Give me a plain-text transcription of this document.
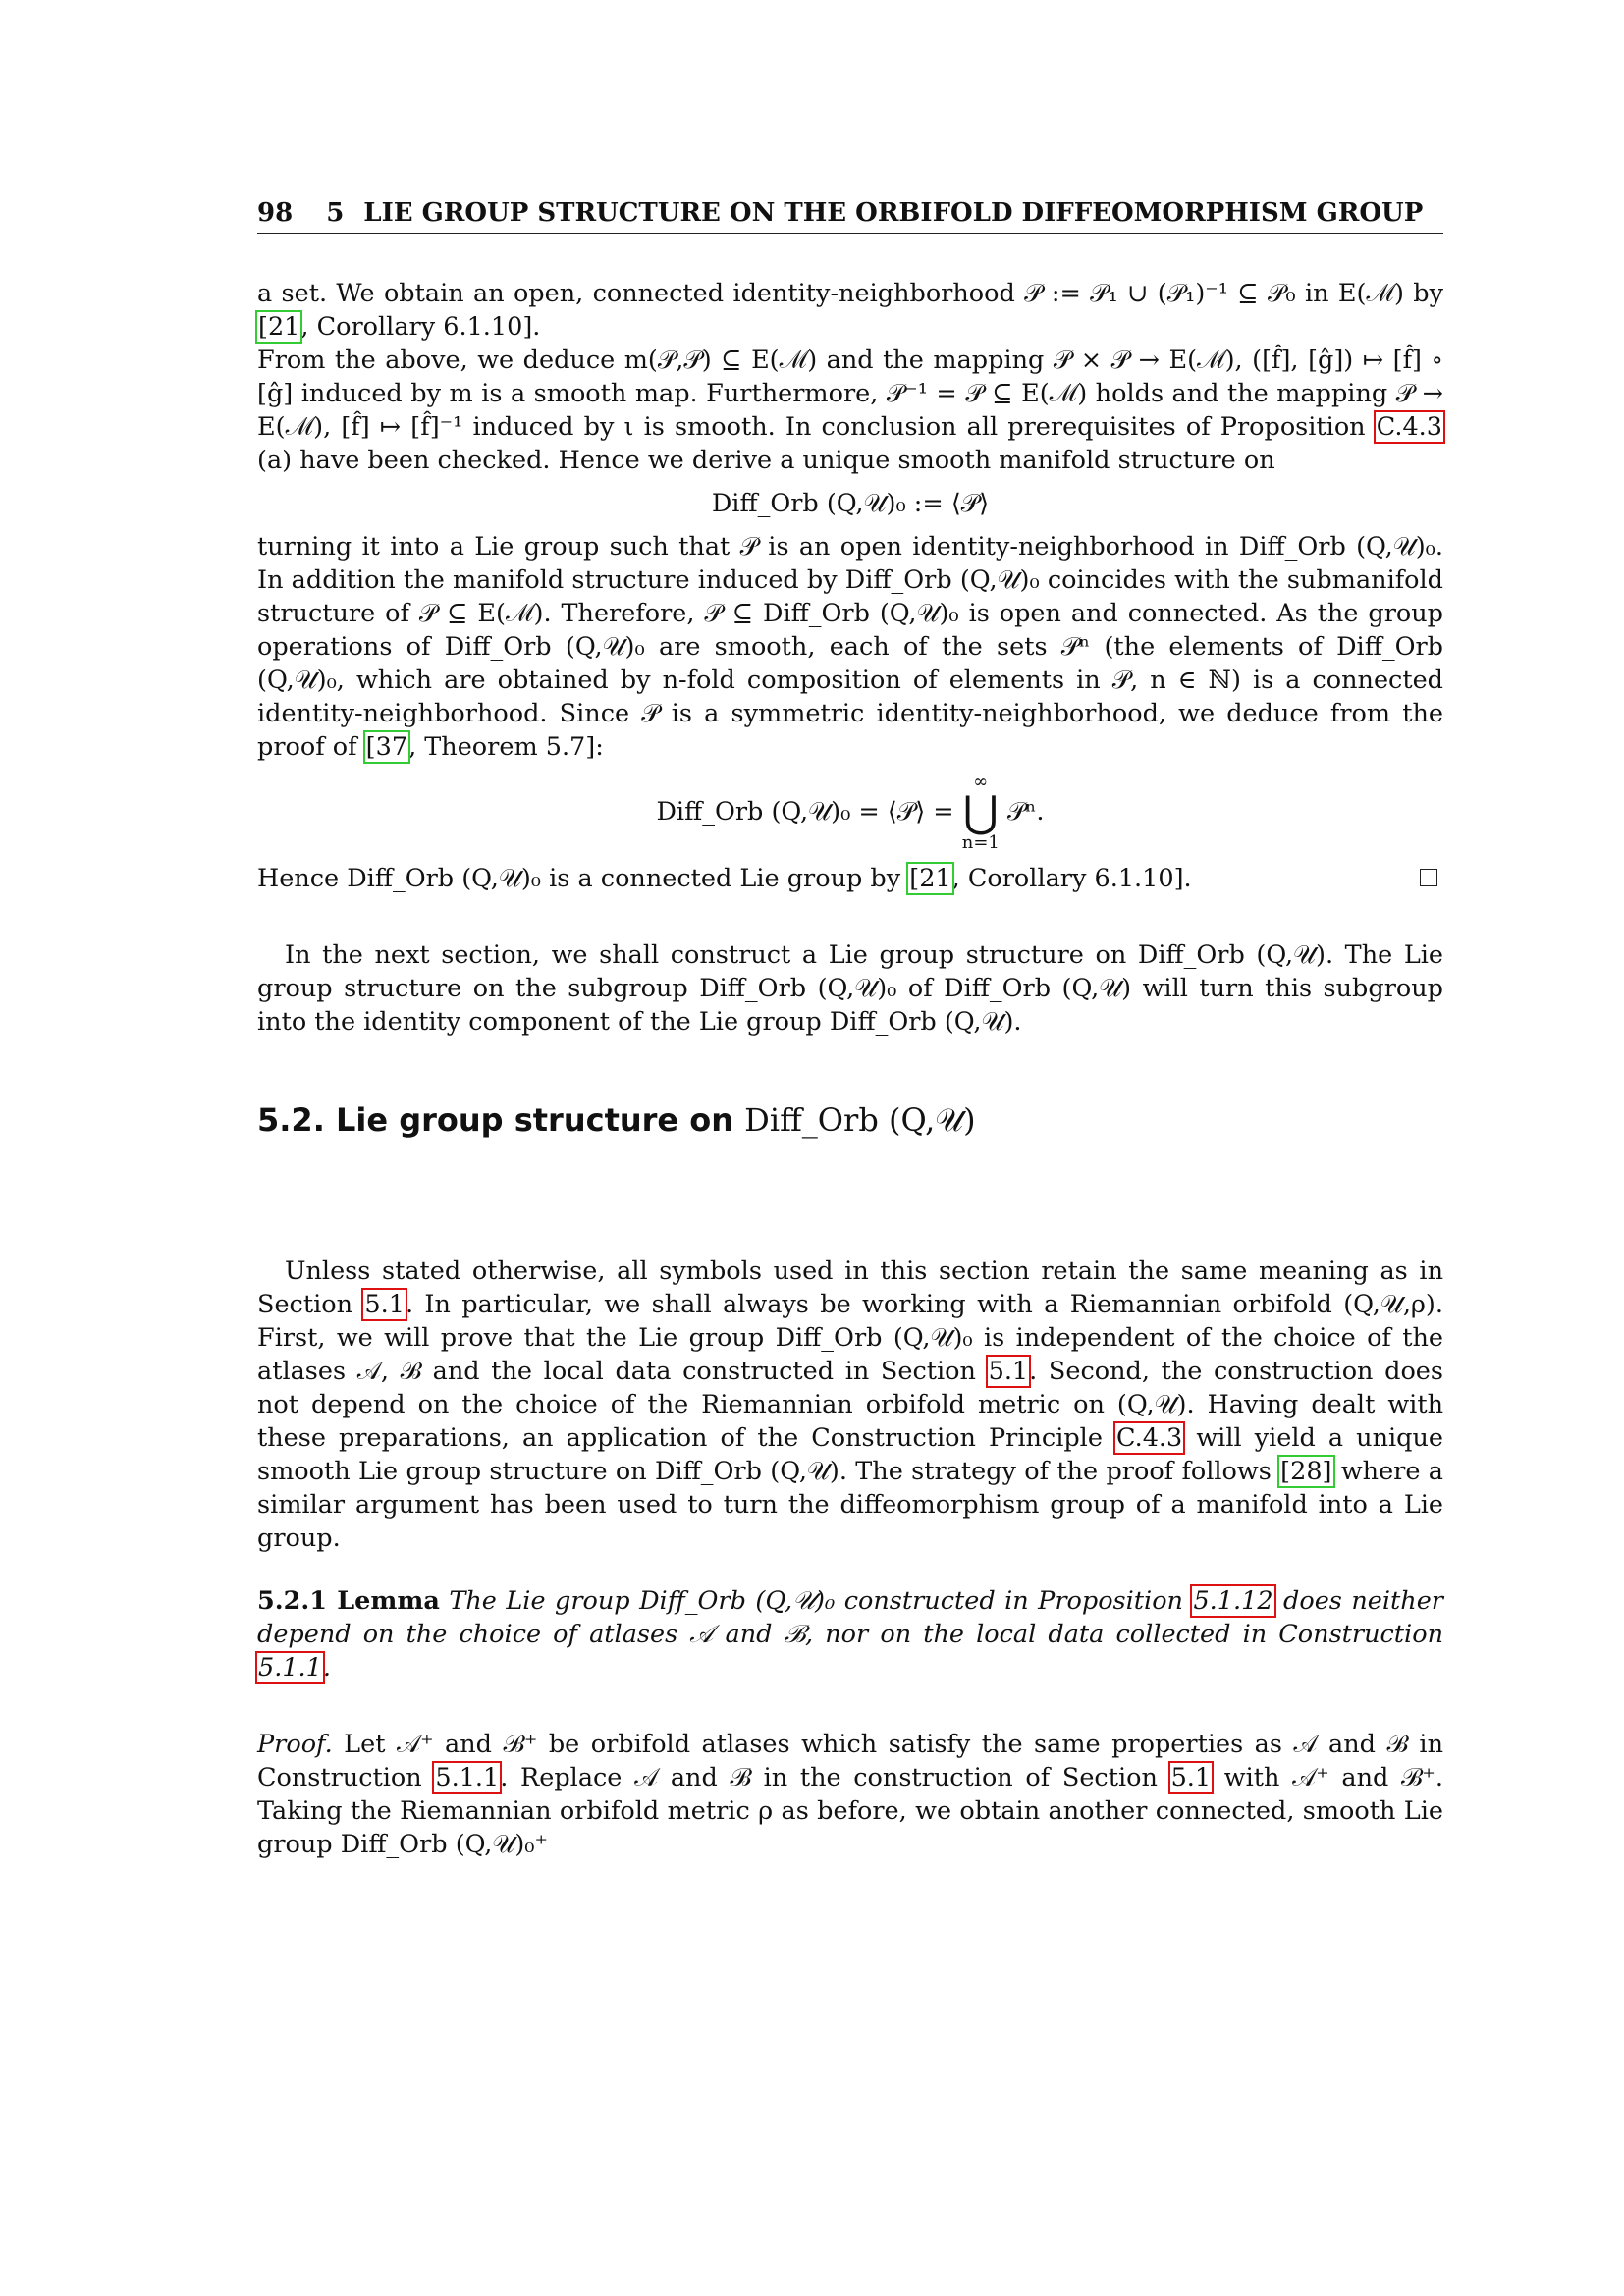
98 5 LIE GROUP STRUCTURE ON THE ORBIFOLD DIFFEOMORPHISM GROUP

a set. We obtain an open, connected identity-neighborhood 𝒫 := 𝒫₁ ∪ (𝒫₁)⁻¹ ⊆ 𝒫₀ in E(ℳ) by [21, Corollary 6.1.10].

From the above, we deduce m(𝒫,𝒫) ⊆ E(ℳ) and the mapping 𝒫 × 𝒫 → E(ℳ), ([f̂], [ĝ]) ↦ [f̂] ∘ [ĝ] induced by m is a smooth map. Furthermore, 𝒫⁻¹ = 𝒫 ⊆ E(ℳ) holds and the mapping 𝒫 → E(ℳ), [f̂] ↦ [f̂]⁻¹ induced by ι is smooth. In conclusion all prerequisites of Proposition C.4.3 (a) have been checked. Hence we derive a unique smooth manifold structure on

Diff_Orb (Q,𝒰)₀ := ⟨𝒫⟩

turning it into a Lie group such that 𝒫 is an open identity-neighborhood in Diff_Orb (Q,𝒰)₀. In addition the manifold structure induced by Diff_Orb (Q,𝒰)₀ coincides with the submanifold structure of 𝒫 ⊆ E(ℳ). Therefore, 𝒫 ⊆ Diff_Orb (Q,𝒰)₀ is open and connected. As the group operations of Diff_Orb (Q,𝒰)₀ are smooth, each of the sets 𝒫ⁿ (the elements of Diff_Orb (Q,𝒰)₀, which are obtained by n-fold composition of elements in 𝒫, n ∈ ℕ) is a connected identity-neighborhood. Since 𝒫 is a symmetric identity-neighborhood, we deduce from the proof of [37, Theorem 5.7]:

Diff_Orb (Q,𝒰)₀ = ⟨𝒫⟩ =
∞
⋃
n=1
𝒫ⁿ.

Hence Diff_Orb (Q,𝒰)₀ is a connected Lie group by [21, Corollary 6.1.10].

In the next section, we shall construct a Lie group structure on Diff_Orb (Q,𝒰). The Lie group structure on the subgroup Diff_Orb (Q,𝒰)₀ of Diff_Orb (Q,𝒰) will turn this subgroup into the identity component of the Lie group Diff_Orb (Q,𝒰).

5.2. Lie group structure on Diff_Orb (Q,𝒰)

Unless stated otherwise, all symbols used in this section retain the same meaning as in Section 5.1. In particular, we shall always be working with a Riemannian orbifold (Q,𝒰,ρ). First, we will prove that the Lie group Diff_Orb (Q,𝒰)₀ is independent of the choice of the atlases 𝒜, ℬ and the local data constructed in Section 5.1. Second, the construction does not depend on the choice of the Riemannian orbifold metric on (Q,𝒰). Having dealt with these preparations, an application of the Construction Principle C.4.3 will yield a unique smooth Lie group structure on Diff_Orb (Q,𝒰). The strategy of the proof follows [28] where a similar argument has been used to turn the diffeomorphism group of a manifold into a Lie group.

5.2.1 Lemma The Lie group Diff_Orb (Q,𝒰)₀ constructed in Proposition 5.1.12 does neither depend on the choice of atlases 𝒜 and ℬ, nor on the local data collected in Construction 5.1.1.

Proof. Let 𝒜⁺ and ℬ⁺ be orbifold atlases which satisfy the same properties as 𝒜 and ℬ in Construction 5.1.1. Replace 𝒜 and ℬ in the construction of Section 5.1 with 𝒜⁺ and ℬ⁺. Taking the Riemannian orbifold metric ρ as before, we obtain another connected, smooth Lie group Diff_Orb (Q,𝒰)₀⁺
